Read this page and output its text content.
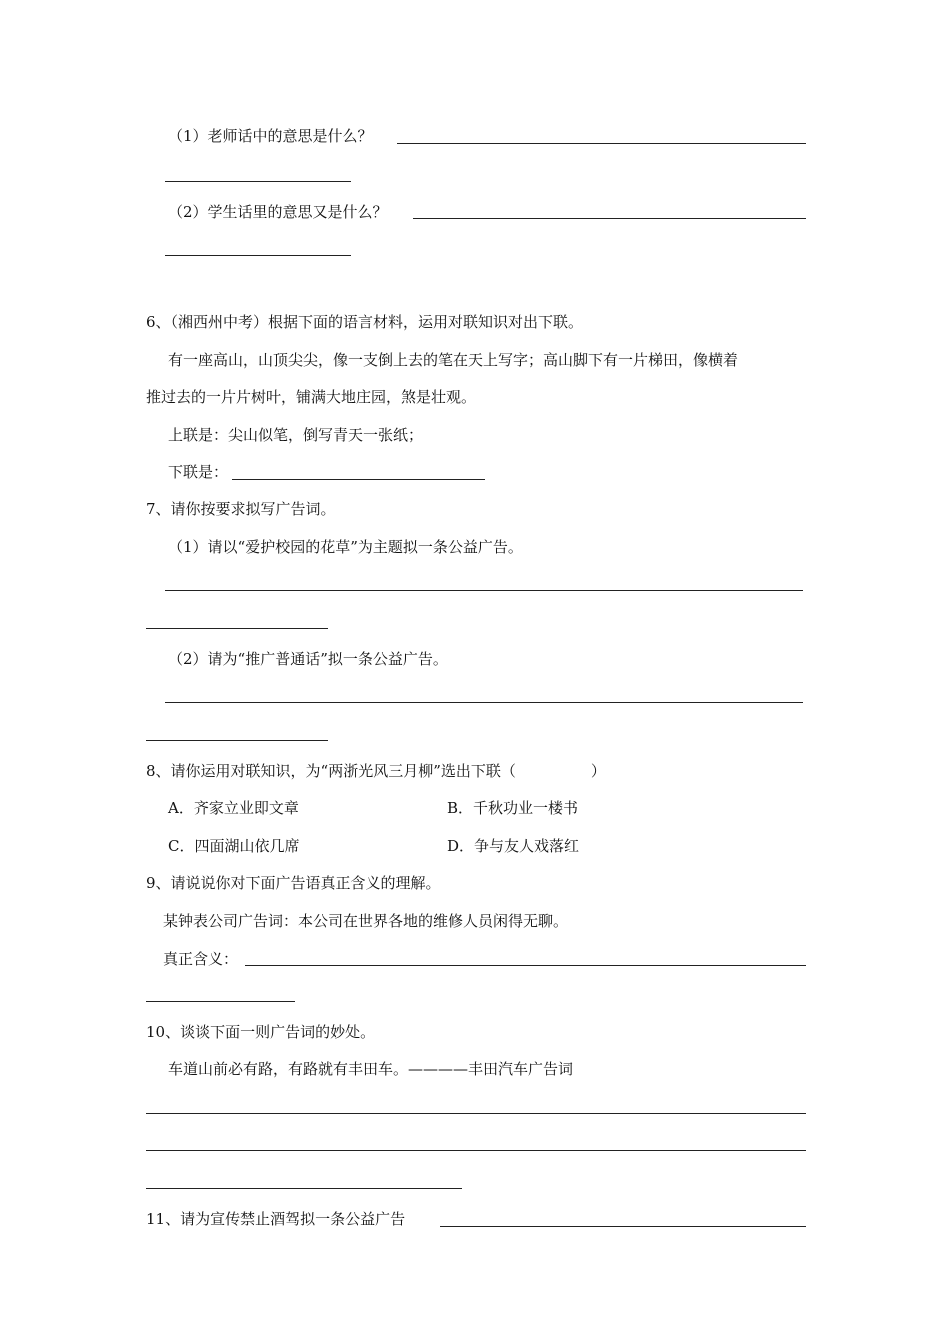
（1）老师话中的意思是什么？
（2）学生话里的意思又是什么？
6、（湘西州中考）根据下面的语言材料，运用对联知识对出下联。
有一座高山，山顶尖尖，像一支倒上去的笔在天上写字；高山脚下有一片梯田，像横着
推过去的一片片树叶，铺满大地庄园，煞是壮观。
上联是：尖山似笔，倒写青天一张纸；
下联是：
7、请你按要求拟写广告词。
（1）请以“爱护校园的花草”为主题拟一条公益广告。
（2）请为“推广普通话”拟一条公益广告。
8、请你运用对联知识，为“两浙光风三月柳”选出下联（　　　　　）
A．齐家立业即文章	B．千秋功业一楼书
C．四面湖山依几席	D．争与友人戏落红
9、请说说你对下面广告语真正含义的理解。
某钟表公司广告词：本公司在世界各地的维修人员闲得无聊。
真正含义：
10、谈谈下面一则广告词的妙处。
车道山前必有路，有路就有丰田车。————丰田汽车广告词
11、请为宣传禁止酒驾拟一条公益广告
